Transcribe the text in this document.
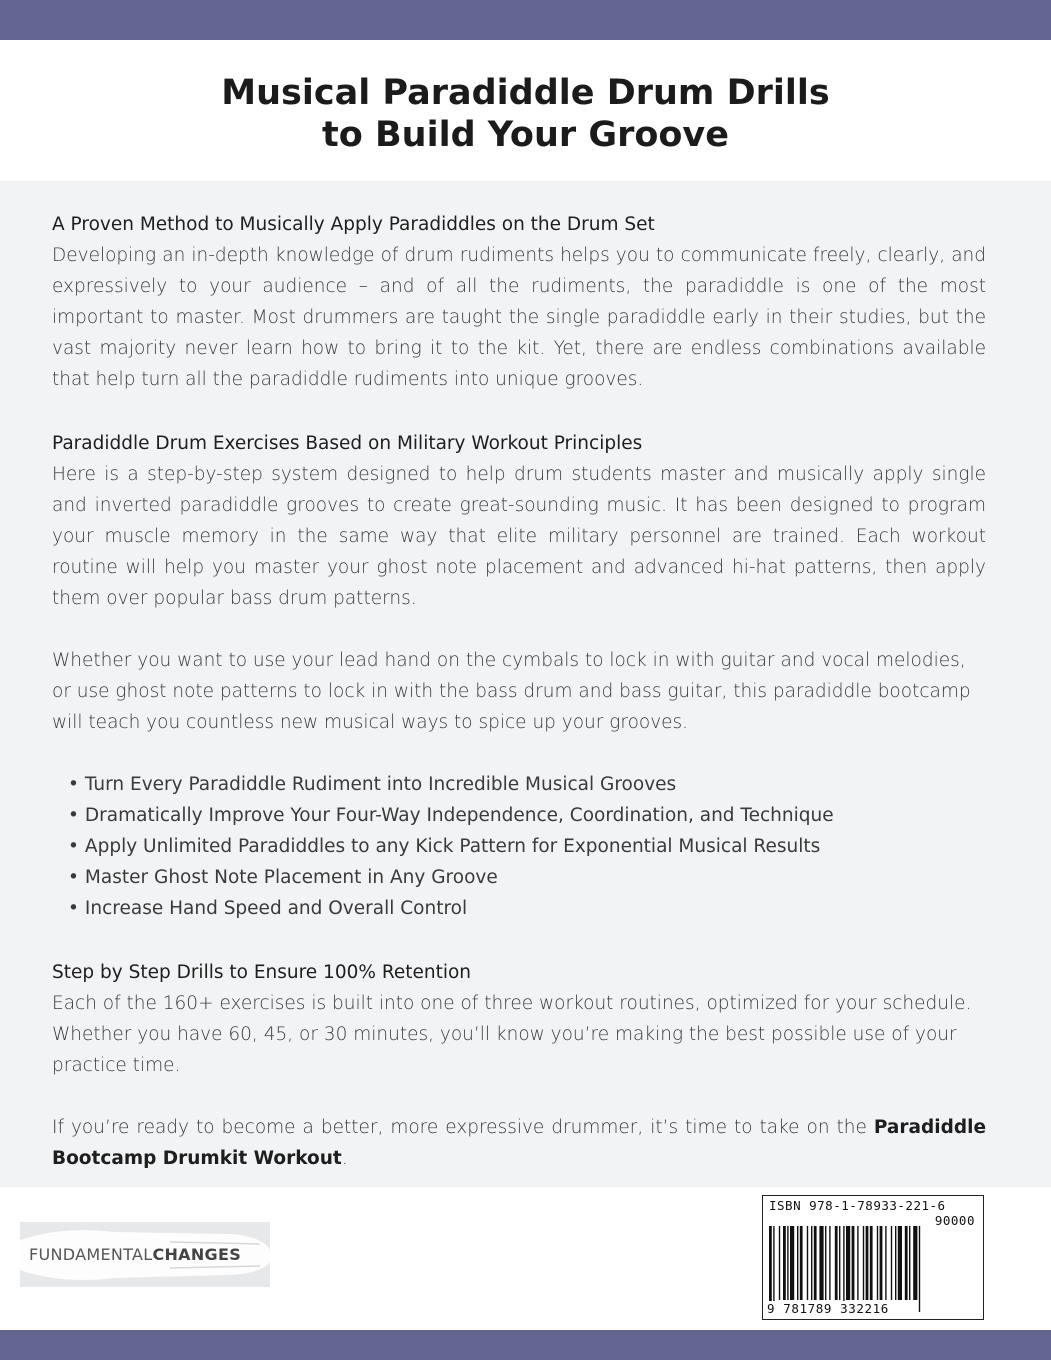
Musical Paradiddle Drum Drills
to Build Your Groove
A Proven Method to Musically Apply Paradiddles on the Drum Set

Developing an in-depth knowledge of drum rudiments helps you to communicate freely, clearly, and expressively to your audience – and of all the rudiments, the paradiddle is one of the most important to master. Most drummers are taught the single paradiddle early in their studies, but the vast majority never learn how to bring it to the kit. Yet, there are endless combinations available that help turn all the paradiddle rudiments into unique grooves.

Paradiddle Drum Exercises Based on Military Workout Principles

Here is a step-by-step system designed to help drum students master and musically apply single and inverted paradiddle grooves to create great-sounding music. It has been designed to program your muscle memory in the same way that elite military personnel are trained. Each workout routine will help you master your ghost note placement and advanced hi-hat patterns, then apply them over popular bass drum patterns.

Whether you want to use your lead hand on the cymbals to lock in with guitar and vocal melodies, or use ghost note patterns to lock in with the bass drum and bass guitar, this paradiddle bootcamp will teach you countless new musical ways to spice up your grooves.

• Turn Every Paradiddle Rudiment into Incredible Musical Grooves
• Dramatically Improve Your Four-Way Independence, Coordination, and Technique
• Apply Unlimited Paradiddles to any Kick Pattern for Exponential Musical Results
• Master Ghost Note Placement in Any Groove
• Increase Hand Speed and Overall Control
Step by Step Drills to Ensure 100% Retention

Each of the 160+ exercises is built into one of three workout routines, optimized for your schedule. Whether you have 60, 45, or 30 minutes, you’ll know you’re making the best possible use of your practice time.

If you’re ready to become a better, more expressive drummer, it’s time to take on the Paradiddle Bootcamp Drumkit Workout.

FUNDAMENTALCHANGES
ISBN 978-1-78933-221-6
90000
9 781789 332216
